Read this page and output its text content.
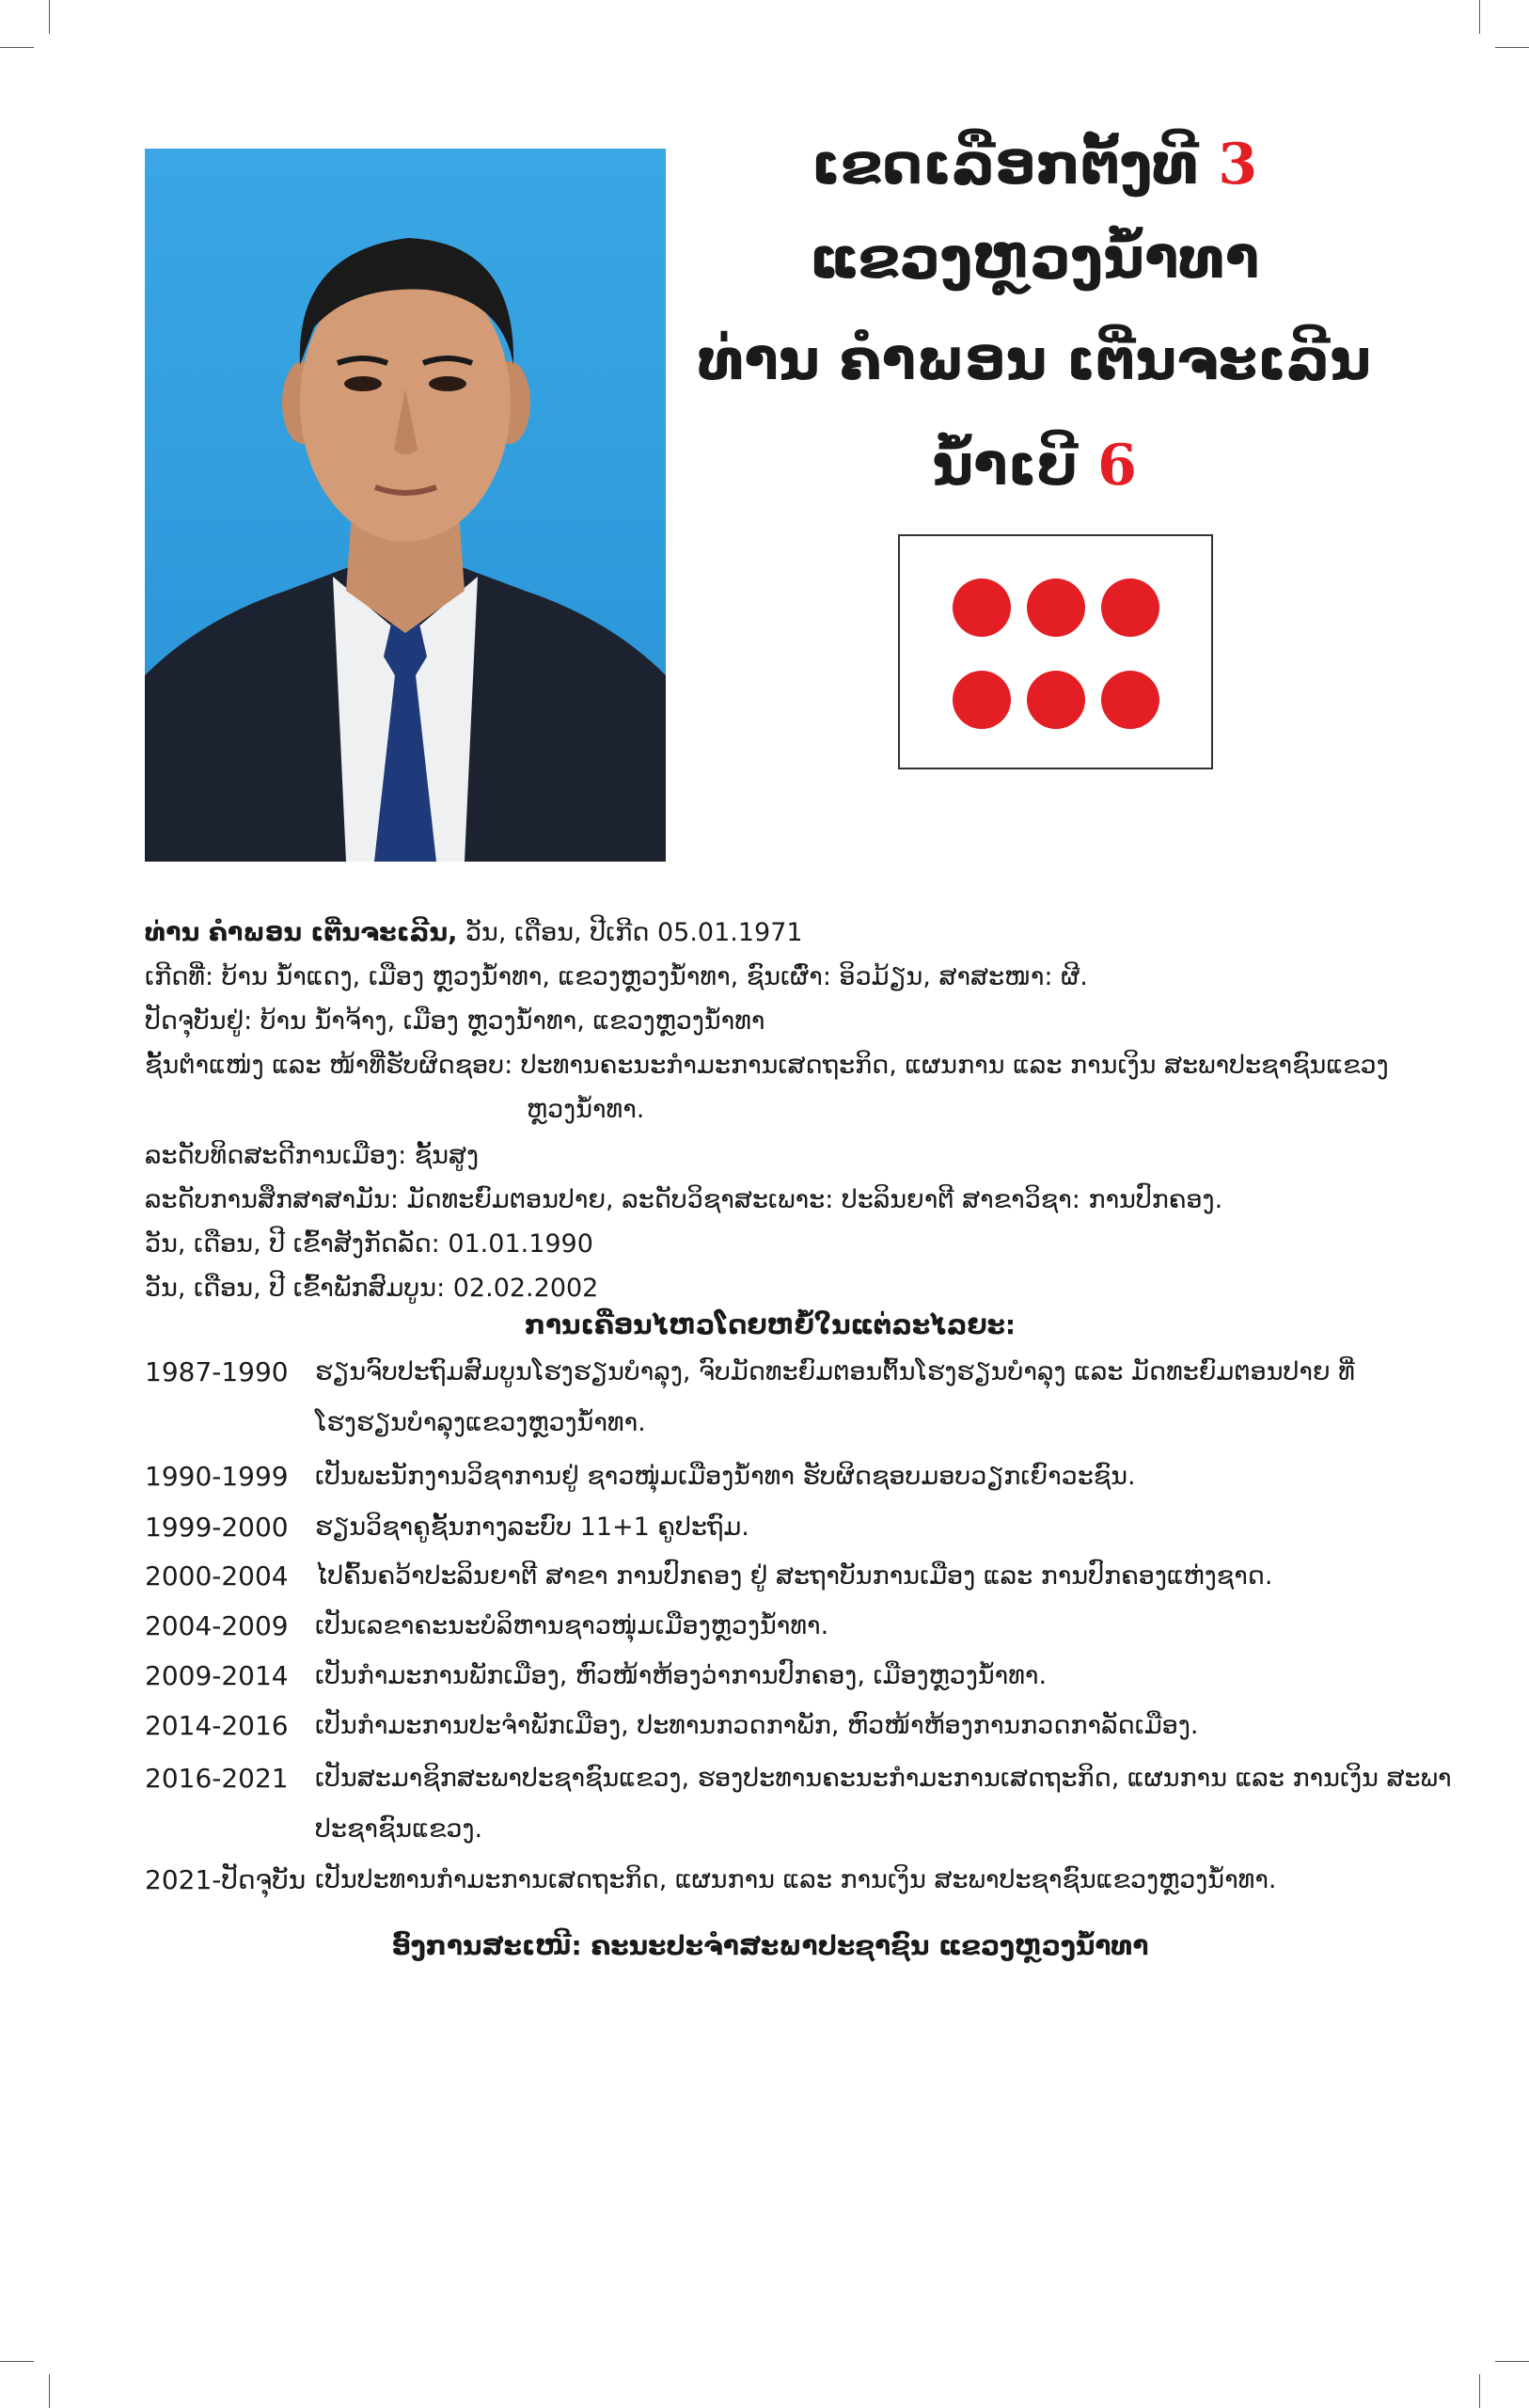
ເຂດເລືອກຕັ້ງທີ 3
ແຂວງຫຼວງນ້ຳທາ
ທ່ານ ຄຳພອນ ເຕີ່ນຈະເລີນ
ນ້ຳເບີ 6
ທ່ານ ຄຳພອນ ເຕີ່ນຈະເລີນ, ວັນ, ເດືອນ, ປີເກີດ 05.01.1971
ເກີດທີ່: ບ້ານ ນ້ຳແດງ, ເມືອງ ຫຼວງນ້ຳທາ, ແຂວງຫຼວງນ້ຳທາ, ຊົນເຜົ່າ: ອິວມ້ຽນ, ສາສະໜາ: ຜີ.
ປັດຈຸບັນຢູ່: ບ້ານ ນ້ຳຈ້າງ, ເມືອງ ຫຼວງນ້ຳທາ, ແຂວງຫຼວງນ້ຳທາ
ຊັ້ນຕຳແໜ່ງ ແລະ ໜ້າທີ່ຮັບຜິດຊອບ: ປະທານຄະນະກຳມະການເສດຖະກິດ, ແຜນການ ແລະ ການເງິນ ສະພາປະຊາຊົນແຂວງ
ຫຼວງນ້ຳທາ.
ລະດັບທິດສະດີການເມືອງ: ຊັ້ນສູງ
ລະດັບການສຶກສາສາມັນ: ມັດທະຍົມຕອນປາຍ, ລະດັບວິຊາສະເພາະ: ປະລິນຍາຕີ ສາຂາວິຊາ: ການປົກຄອງ.
ວັນ, ເດືອນ, ປີ ເຂົ້າສັງກັດລັດ: 01.01.1990
ວັນ, ເດືອນ, ປີ ເຂົ້າພັກສົມບູນ: 02.02.2002
ການເຄື່ອນໄຫວໂດຍຫຍໍ້ໃນແຕ່ລະໄລຍະ:
1987-1990 ຮຽນຈົບປະຖົມສົມບູນໂຮງຮຽນບຳລຸງ, ຈົບມັດທະຍົມຕອນຕົ້ນໂຮງຮຽນບຳລຸງ ແລະ ມັດທະຍົມຕອນປາຍ ທີ່
ໂຮງຮຽນບຳລຸງແຂວງຫຼວງນ້ຳທາ.
1990-1999 ເປັນພະນັກງານວິຊາການຢູ່ ຊາວໜຸ່ມເມືອງນ້ຳທາ ຮັບຜິດຊອບມອບວຽກເຍົາວະຊົນ.
1999-2000 ຮຽນວິຊາຄູຊັ້ນກາງລະບົບ 11+1 ຄູປະຖົມ.
2000-2004 ໄປຄົ້ນຄວ້າປະລິນຍາຕີ ສາຂາ ການປົກຄອງ ຢູ່ ສະຖາບັນການເມືອງ ແລະ ການປົກຄອງແຫ່ງຊາດ.
2004-2009 ເປັນເລຂາຄະນະບໍລິຫານຊາວໜຸ່ມເມືອງຫຼວງນ້ຳທາ.
2009-2014 ເປັນກຳມະການພັກເມືອງ, ຫົວໜ້າຫ້ອງວ່າການປົກຄອງ, ເມືອງຫຼວງນ້ຳທາ.
2014-2016 ເປັນກຳມະການປະຈຳພັກເມືອງ, ປະທານກວດກາພັກ, ຫົວໜ້າຫ້ອງການກວດກາລັດເມືອງ.
2016-2021 ເປັນສະມາຊິກສະພາປະຊາຊົນແຂວງ, ຮອງປະທານຄະນະກຳມະການເສດຖະກິດ, ແຜນການ ແລະ ການເງິນ ສະພາ
ປະຊາຊົນແຂວງ.
2021-ປັດຈຸບັນ ເປັນປະທານກຳມະການເສດຖະກິດ, ແຜນການ ແລະ ການເງິນ ສະພາປະຊາຊົນແຂວງຫຼວງນ້ຳທາ.
ອົງການສະເໜີ: ຄະນະປະຈຳສະພາປະຊາຊົນ ແຂວງຫຼວງນ້ຳທາ
